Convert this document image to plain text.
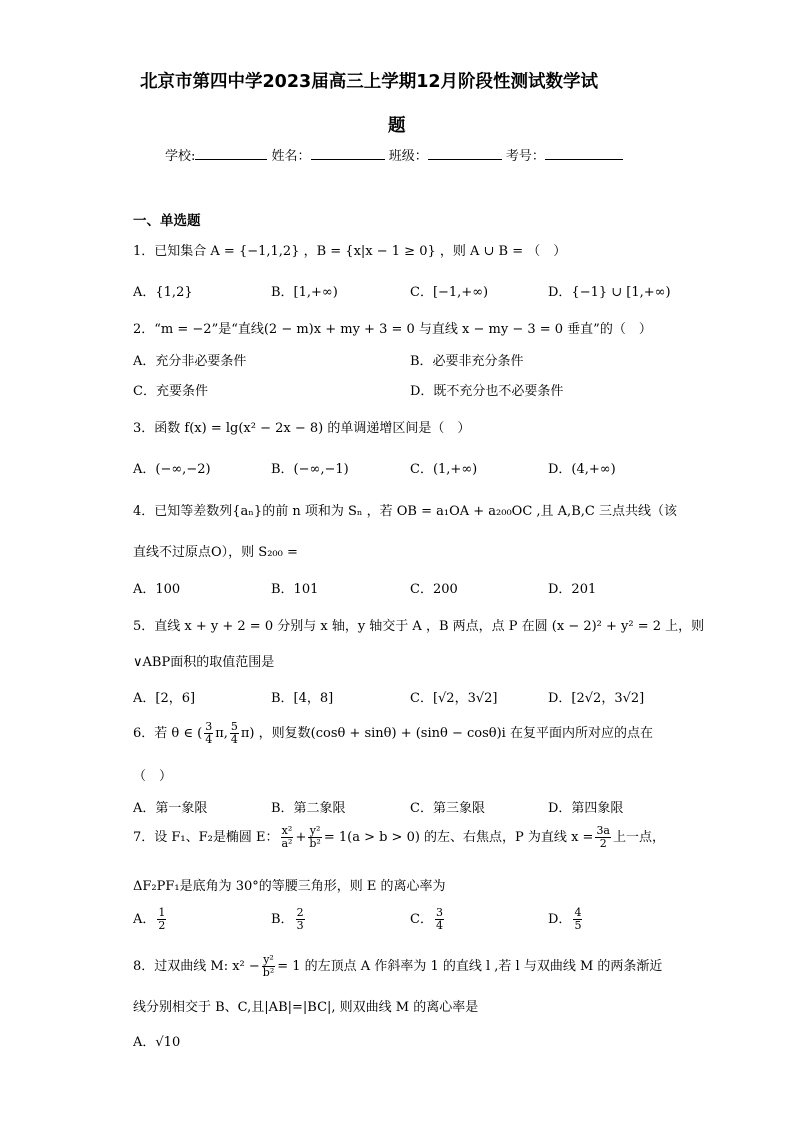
北京市第四中学2023届高三上学期12月阶段性测试数学试
题
学校:	姓名：	班级：	考号：
一、单选题
1．已知集合 A = {−1,1,2} ，B = {x|x − 1 ≥ 0} ，则 A ∪ B = （　）
A．{1,2}	B．[1,+∞)	C．[−1,+∞)	D．{−1} ∪ [1,+∞)
2．“m = −2”是“直线(2 − m)x + my + 3 = 0 与直线 x − my − 3 = 0 垂直”的（　）
A．充分非必要条件	B．必要非充分条件
C．充要条件	D．既不充分也不必要条件
3．函数 f(x) = lg(x² − 2x − 8) 的单调递增区间是（　）
A．(−∞,−2)	B．(−∞,−1)	C．(1,+∞)	D．(4,+∞)
4．已知等差数列{aₙ}的前 n 项和为 Sₙ ，若 OB = a₁OA + a₂₀₀OC ,且 A,B,C 三点共线（该
直线不过原点O），则 S₂₀₀ =
A．100	B．101	C．200	D．201
5．直线 x + y + 2 = 0 分别与 x 轴，y 轴交于 A ，B 两点，点 P 在圆 (x − 2)² + y² = 2 上，则
∨ABP面积的取值范围是
A．[2，6]	B．[4，8]	C．[√2，3√2]	D．[2√2，3√2]
6．若 θ ∈ ( $\frac{3}{4} \pi$, $\frac{5}{4} \pi$) ，则复数(cosθ + sinθ) + (sinθ − cosθ)i 在复平面内所对应的点在
（　）
A．第一象限	B．第二象限	C．第三象限	D．第四象限
7．设 F₁、F₂是椭圆 E： $\frac{\text{x²}}{\text{a²}} + \frac{\text{y²}}{\text{b²}} = 1(a > b > 0)$ 的左、右焦点，P 为直线 $x = \frac{3a}{2}$ 上一点，
ΔF₂PF₁是底角为 30°的等腰三角形，则 E 的离心率为
A． $\frac{1}{2}$	B． $\frac{2}{3}$	C． $\frac{3}{4}$	D． $\frac{4}{5}$
8．过双曲线 M: $x^2 - \frac{\text{y²}}{\text{b²}} = 1$ 的左顶点 A 作斜率为 1 的直线 l ,若 l 与双曲线 M 的两条渐近
线分别相交于 B、C,且|AB|=|BC|, 则双曲线 M 的离心率是
A．√10
